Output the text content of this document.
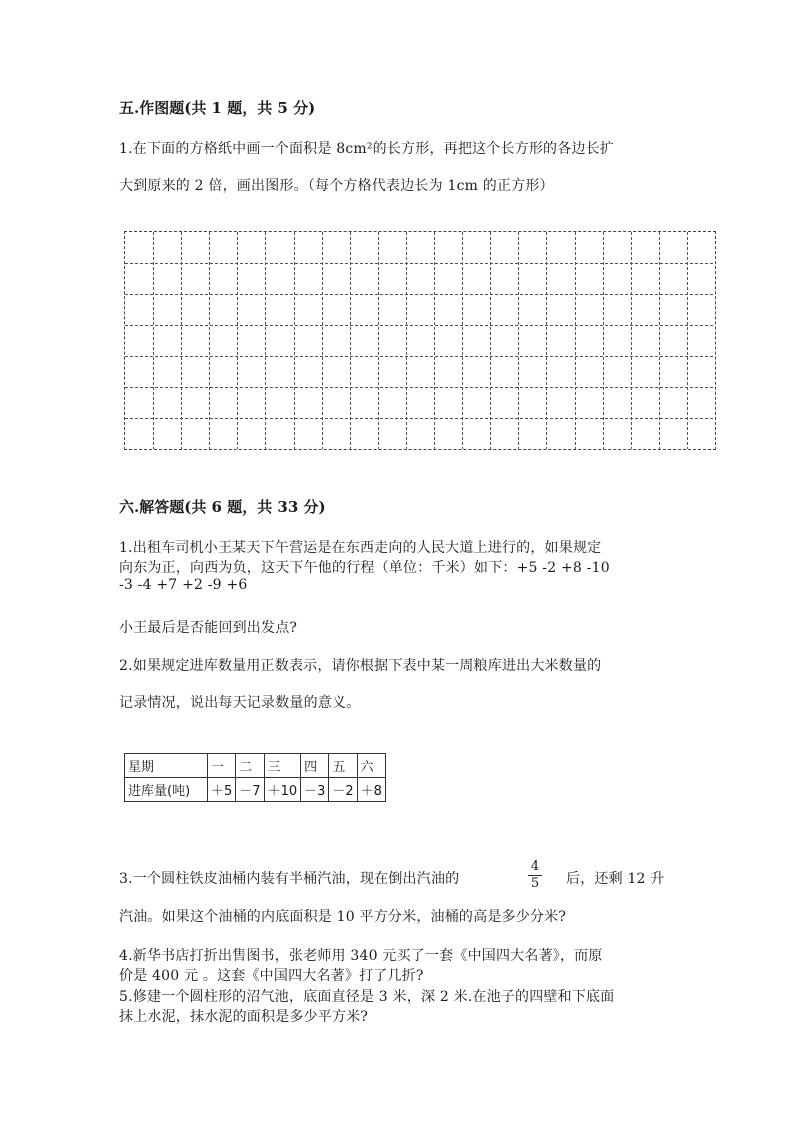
五.作图题(共 1 题，共 5 分)
1.在下面的方格纸中画一个面积是 8cm²的长方形，再把这个长方形的各边长扩
大到原来的 2 倍，画出图形。（每个方格代表边长为 1cm 的正方形）
六.解答题(共 6 题，共 33 分)
1.出租车司机小王某天下午营运是在东西走向的人民大道上进行的，如果规定
向东为正，向西为负，这天下午他的行程（单位：千米）如下：+5 -2 +8 -10
-3 -4 +7 +2 -9 +6
小王最后是否能回到出发点?
2.如果规定进库数量用正数表示，请你根据下表中某一周粮库进出大米数量的
记录情况，说出每天记录数量的意义。
星期	一	二	三	四	五	六
进库量(吨)	＋5	－7	＋10	－3	－2	＋8
3.一个圆柱铁皮油桶内装有半桶汽油，现在倒出汽油的
4
5 后，还剩 12 升
汽油。如果这个油桶的内底面积是 10 平方分米，油桶的高是多少分米?
4.新华书店打折出售图书，张老师用 340 元买了一套《中国四大名著》，而原
价是 400 元 。这套《中国四大名著》打了几折?
5.修建一个圆柱形的沼气池，底面直径是 3 米，深 2 米.在池子的四壁和下底面
抹上水泥，抹水泥的面积是多少平方米?
